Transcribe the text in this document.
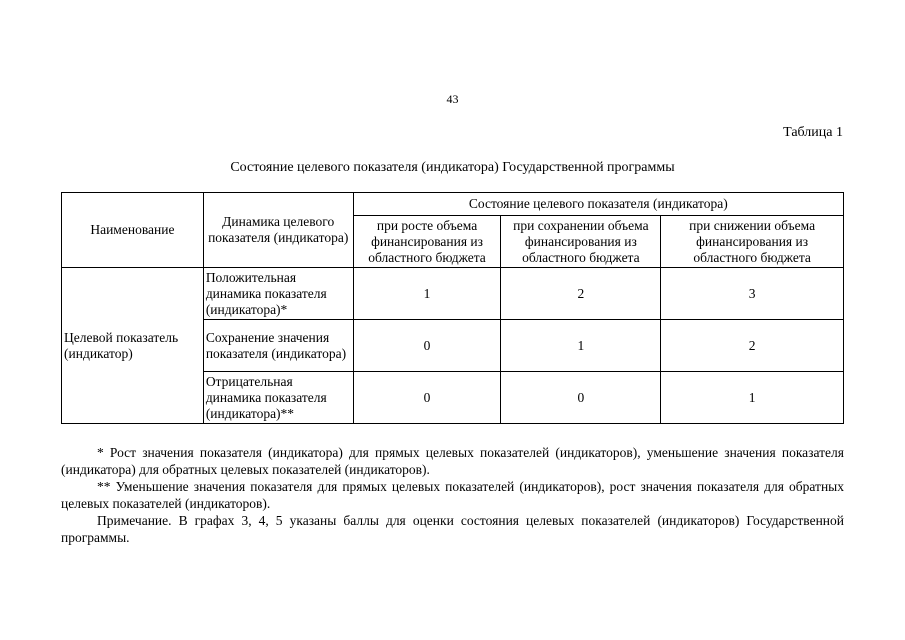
43
Таблица 1
Состояние целевого показателя (индикатора) Государственной программы
Наименование	Динамика целевого показателя (индикатора)	Состояние целевого показателя (индикатора)		
		при росте объема финансирования из областного бюджета	при сохранении объема финансирования из областного бюджета	при снижении объема финансирования из областного бюджета
Целевой показатель (индикатор)	Положительная динамика показателя (индикатора)*	1	2	3
	Сохранение значения показателя (индикатора)	0	1	2
	Отрицательная динамика показателя (индикатора)**	0	0	1

* Рост значения показателя (индикатора) для прямых целевых показателей (индикаторов), уменьшение значения показателя (индикатора) для обратных целевых показателей (индикаторов).

** Уменьшение значения показателя для прямых целевых показателей (индикаторов), рост значения показателя для обратных целевых показателей (индикаторов).

Примечание. В графах 3, 4, 5 указаны баллы для оценки состояния целевых показателей (индикаторов) Государственной программы.
